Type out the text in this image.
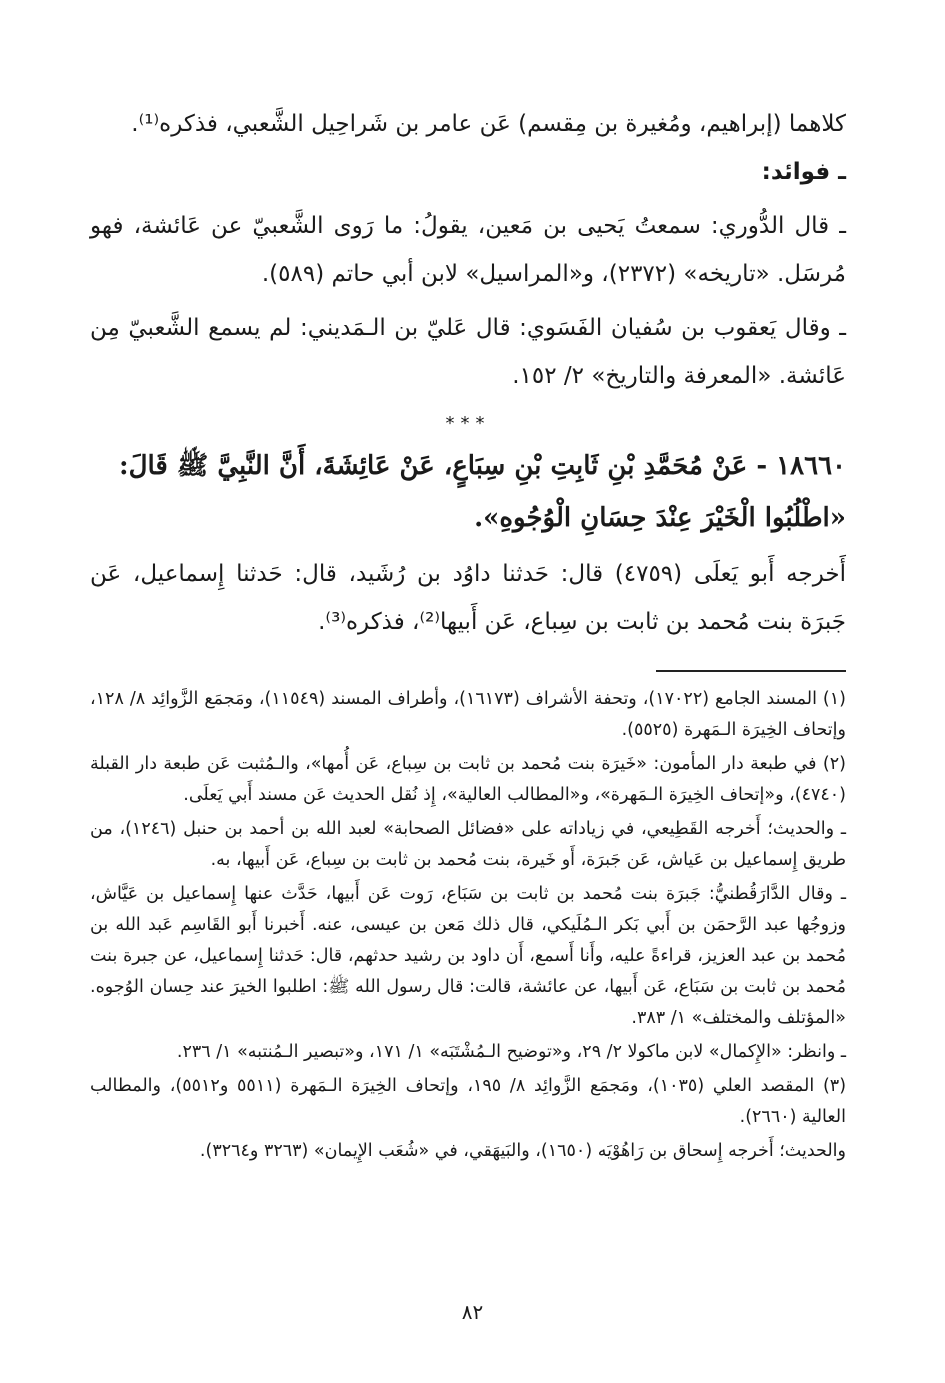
كلاهما (إبراهيم، ومُغيرة بن مِقسم) عَن عامر بن شَراحِيل الشَّعبي، فذكره⁽¹⁾.

ـ فوائد:

ـ قال الدُّوري: سمعتُ يَحيى بن مَعين، يقولُ: ما رَوى الشَّعبيّ عن عَائشة، فهو مُرسَل. «تاريخه» (٢٣٧٢)، و«المراسيل» لابن أبي حاتم (٥٨٩).

ـ وقال يَعقوب بن سُفيان الفَسَوي: قال عَليّ بن الـمَديني: لم يسمع الشَّعبيّ مِن عَائشة. «المعرفة والتاريخ» ٢/ ١٥٢.

***

١٨٦٦٠ - عَنْ مُحَمَّدِ بْنِ ثَابِتِ بْنِ سِبَاعٍ، عَنْ عَائِشَةَ، أَنَّ النَّبِيَّ ﷺ قَالَ:

«اطْلُبُوا الْخَيْرَ عِنْدَ حِسَانِ الْوُجُوهِ».

أَخرجه أَبو يَعلَى (٤٧٥٩) قال: حَدثنا داوُد بن رُشَيد، قال: حَدثنا إِسماعيل، عَن جَبرَة بنت مُحمد بن ثابت بن سِباع، عَن أَبيها⁽²⁾، فذكره⁽³⁾.

(١) المسند الجامع (١٧٠٢٢)، وتحفة الأشراف (١٦١٧٣)، وأطراف المسند (١١٥٤٩)، ومَجمَع الزَّوائِد ٨/ ١٢٨، وإتحاف الخِيرَة الـمَهرة (٥٥٢٥).

(٢) في طبعة دار المأمون: «خَيرَة بنت مُحمد بن ثابت بن سِباع، عَن أُمها»، والـمُثبت عَن طبعة دار القبلة (٤٧٤٠)، و«إتحاف الخِيرَة الـمَهرة»، و«المطالب العالية»، إِذ نُقل الحديث عَن مسند أَبي يَعلَى.

ـ والحديث؛ أَخرجه القَطِيعي، في زياداته على «فضائل الصحابة» لعبد الله بن أحمد بن حنبل (١٢٤٦)، من طريق إِسماعيل بن عَياش، عَن جَبرَة، أَو خَيرة، بنت مُحمد بن ثابت بن سِباع، عَن أَبيها، به.

ـ وقال الدَّارَقُطنيُّ: جَبرَة بنت مُحمد بن ثابت بن سَبَاع، رَوت عَن أَبيها، حَدَّث عنها إِسماعيل بن عَيَّاش، وزوجُها عبد الرَّحمَن بن أَبي بَكر الـمُلَيكي، قال ذلك مَعن بن عيسى، عنه. أَخبرنا أَبو القَاسِم عَبد الله بن مُحمد بن عبد العزيز، قراءةً عليه، وأَنا أَسمع، أَن داود بن رشيد حدثهم، قال: حَدثنا إِسماعيل، عن جبرة بنت مُحمد بن ثابت بن سَبَاع، عَن أَبيها، عن عائشة، قالت: قال رسول الله ﷺ: اطلبوا الخيرَ عند حِسان الوُجوه. «المؤتلف والمختلف» ١/ ٣٨٣.

ـ وانظر: «الإِكمال» لابن ماكولا ٢/ ٢٩، و«توضيح الـمُشْتَبَه» ١/ ١٧١، و«تبصير الـمُنتبه» ١/ ٢٣٦.

(٣) المقصد العلي (١٠٣٥)، ومَجمَع الزَّوائِد ٨/ ١٩٥، وإتحاف الخِيرَة الـمَهرة (٥٥١١ و٥٥١٢)، والمطالب العالية (٢٦٦٠).

والحديث؛ أَخرجه إِسحاق بن رَاهُوْيَه (١٦٥٠)، والبَيهَقي، في «شُعَب الإِيمان» (٣٢٦٣ و٣٢٦٤).

٨٢
